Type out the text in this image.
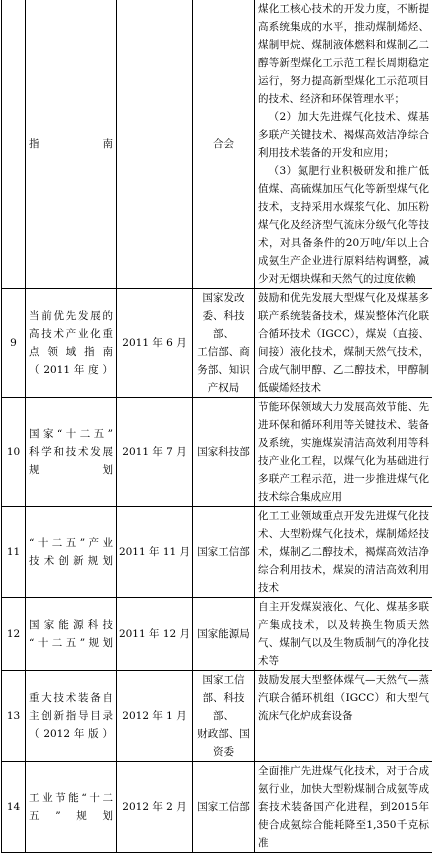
	指南		合会	煤化工核心技术的开发力度，不断提高系统集成的水平，推动煤制烯烃、煤制甲烷、煤制液体燃料和煤制乙二醇等新型煤化工示范工程长周期稳定运行，努力提高新型煤化工示范项目的技术、经济和环保管理水平；

（2）加大先进煤气化技术、煤基多联产关键技术、褐煤高效洁净综合利用技术装备的开发和应用；

（3）氮肥行业积极研发和推广低值煤、高硫煤加压气化等新型煤气化技术，支持采用水煤浆气化、加压粉煤气化及经济型气流床分级气化等技术，对具备条件的20万吨/年以上合成氨生产企业进行原料结构调整，减少对无烟块煤和天然气的过度依赖

9	当前优先发展的
高技术产业化重
点领域指南
（2011年度）	2011 年 6 月	国家发改
委、科技部、
工信部、商
务部、知识
产权局	鼓励和优先发展大型煤气化及煤基多联产系统装备技术，煤炭整体汽化联合循环技术（IGCC），煤炭（直接、间接）液化技术，煤制天然气技术，合成气制甲醇、乙二醇技术，甲醇制低碳烯烃技术

10	国家“十二五”
科学和技术发展
规划	2011 年 7 月	国家科技部	节能环保领域大力发展高效节能、先进环保和循环利用等关键技术、装备及系统，实施煤炭清洁高效利用等科技产业化工程，以煤气化为基础进行多联产工程示范，进一步推进煤气化技术综合集成应用

11	“十二五”产业
技术创新规划	2011 年 11 月	国家工信部	化工工业领域重点开发先进煤气化技术、大型粉煤气化技术，煤制烯烃技术，煤制乙二醇技术，褐煤高效洁净综合利用技术，煤炭的清洁高效利用技术

12	国家能源科技
“十二五”规划	2011 年 12 月	国家能源局	自主开发煤炭液化、气化、煤基多联产集成技术，以及转换生物质天然气、煤制气以及生物质制气的净化技术等

13	重大技术装备自
主创新指导目录
（2012年版）	2012 年 1 月	国家工信
部、科技部、
财政部、国
资委	鼓励发展大型整体煤气—天然气—蒸汽联合循环机组（IGCC）和大型气流床气化炉成套设备

14	工业节能“十二
五”规划	2012 年 2 月	国家工信部	全面推广先进煤气化技术，对于合成氨行业，加快大型粉煤制合成氨等成套技术装备国产化进程，到2015年使合成氨综合能耗降至1,350千克标准
